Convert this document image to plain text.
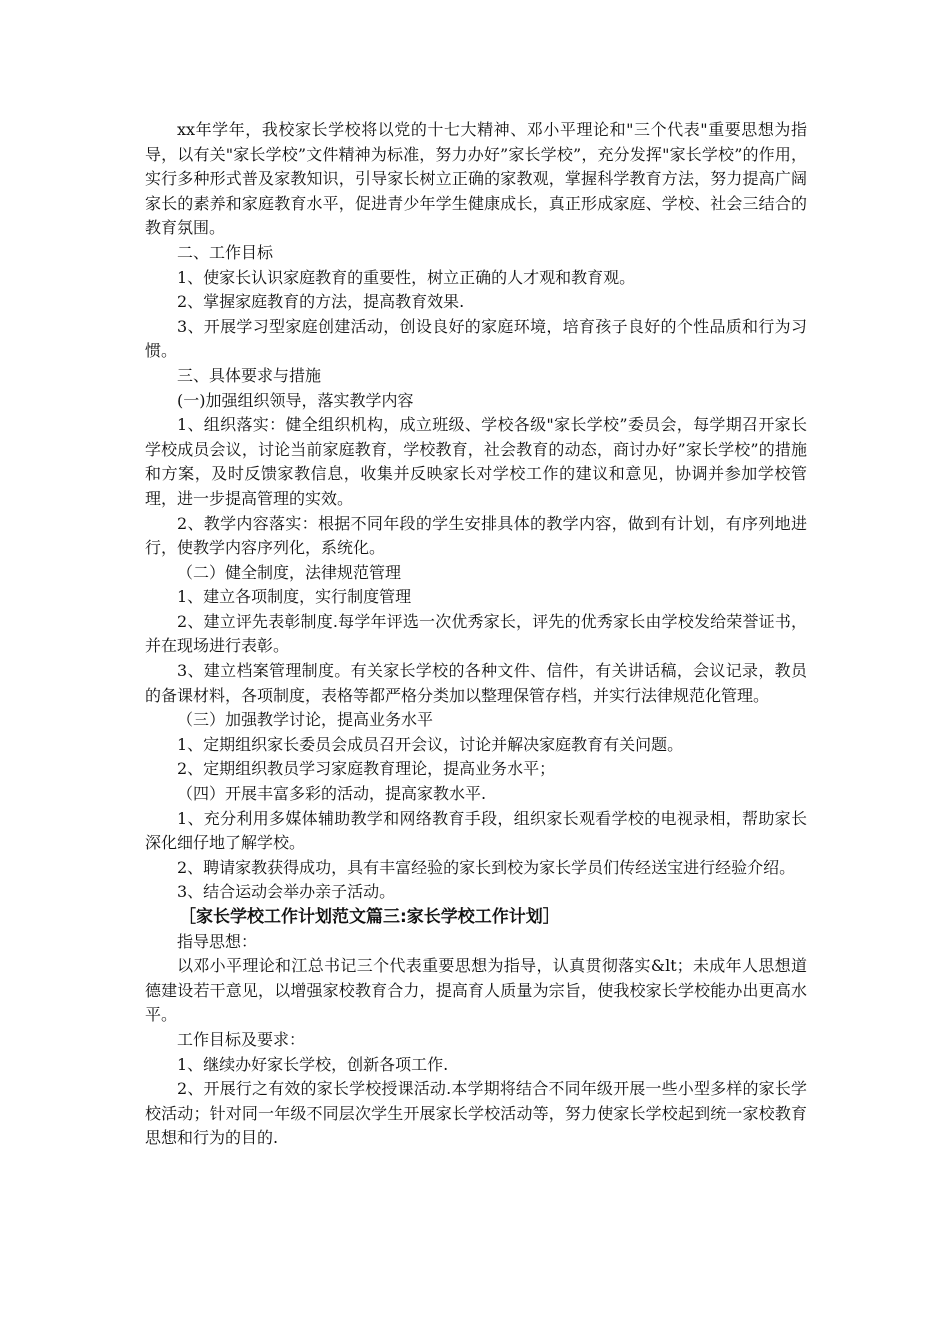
xx年学年，我校家长学校将以党的十七大精神、邓小平理论和"三个代表"重要思想为指导，以有关"家长学校”文件精神为标准，努力办好”家长学校”，充分发挥"家长学校”的作用，实行多种形式普及家教知识，引导家长树立正确的家教观，掌握科学教育方法，努力提高广阔家长的素养和家庭教育水平，促进青少年学生健康成长，真正形成家庭、学校、社会三结合的教育氛围。

二、工作目标

1、使家长认识家庭教育的重要性，树立正确的人才观和教育观。

2、掌握家庭教育的方法，提高教育效果.

3、开展学习型家庭创建活动，创设良好的家庭环境，培育孩子良好的个性品质和行为习惯。

三、具体要求与措施

(一)加强组织领导，落实教学内容

1、组织落实：健全组织机构，成立班级、学校各级"家长学校”委员会，每学期召开家长学校成员会议，讨论当前家庭教育，学校教育，社会教育的动态，商讨办好”家长学校”的措施和方案，及时反馈家教信息，收集并反映家长对学校工作的建议和意见，协调并参加学校管理，进一步提高管理的实效。

2、教学内容落实：根据不同年段的学生安排具体的教学内容，做到有计划，有序列地进行，使教学内容序列化，系统化。

（二）健全制度，法律规范管理

1、建立各项制度，实行制度管理

2、建立评先表彰制度.每学年评选一次优秀家长，评先的优秀家长由学校发给荣誉证书，并在现场进行表彰。

3、建立档案管理制度。有关家长学校的各种文件、信件，有关讲话稿，会议记录，教员的备课材料，各项制度，表格等都严格分类加以整理保管存档，并实行法律规范化管理。

（三）加强教学讨论，提高业务水平

1、定期组织家长委员会成员召开会议，讨论并解决家庭教育有关问题。

2、定期组织教员学习家庭教育理论，提高业务水平；

（四）开展丰富多彩的活动，提高家教水平.

1、充分利用多媒体辅助教学和网络教育手段，组织家长观看学校的电视录相，帮助家长深化细仔地了解学校。

2、聘请家教获得成功，具有丰富经验的家长到校为家长学员们传经送宝进行经验介绍。

3、结合运动会举办亲子活动。

［家长学校工作计划范文篇三:家长学校工作计划］

指导思想：

以邓小平理论和江总书记三个代表重要思想为指导，认真贯彻落实&lt；未成年人思想道德建设若干意见，以增强家校教育合力，提高育人质量为宗旨，使我校家长学校能办出更高水平。

工作目标及要求：

1、继续办好家长学校，创新各项工作.

2、开展行之有效的家长学校授课活动.本学期将结合不同年级开展一些小型多样的家长学校活动；针对同一年级不同层次学生开展家长学校活动等，努力使家长学校起到统一家校教育思想和行为的目的.
